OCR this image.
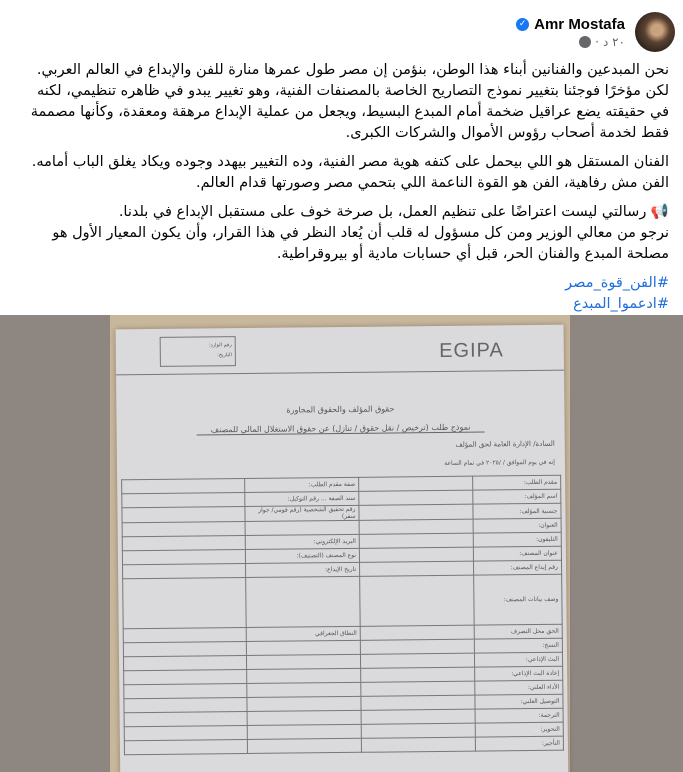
Amr Mostafa
✓
٢٠ د
·

نحن المبدعين والفنانين أبناء هذا الوطن، بنؤمن إن مصر طول عمرها منارة للفن والإبداع في العالم العربي. لكن مؤخرًا فوجئنا بتغيير نموذج التصاريح الخاصة بالمصنفات الفنية، وهو تغيير يبدو في ظاهره تنظيمي، لكنه في حقيقته يضع عراقيل ضخمة أمام المبدع البسيط، ويجعل من عملية الإبداع مرهقة ومعقدة، وكأنها مصممة فقط لخدمة أصحاب رؤوس الأموال والشركات الكبرى.

الفنان المستقل هو اللي بيحمل على كتفه هوية مصر الفنية، وده التغيير بيهدد وجوده ويكاد يغلق الباب أمامه. الفن مش رفاهية، الفن هو القوة الناعمة اللي بتحمي مصر وصورتها قدام العالم.

📢 رسالتي ليست اعتراضًا على تنظيم العمل، بل صرخة خوف على مستقبل الإبداع في بلدنا.

نرجو من معالي الوزير ومن كل مسؤول له قلب أن يُعاد النظر في هذا القرار، وأن يكون المعيار الأول هو مصلحة المبدع والفنان الحر، قبل أي حسابات مادية أو بيروقراطية.

#الفن_قوة_مصر
#ادعموا_المبدع
EGIPA
رقم الوارد:
التاريخ:
حقوق المؤلف والحقوق المجاورة
نموذج طلب (ترخيص / نقل حقوق / تنازل) عن حقوق الاستغلال المالي للمصنف
السادة/ الإدارة العامة لحق المؤلف
إنه في يوم الموافق / /٢٠٢٥ في تمام الساعة
مقدم الطلب:		صفة مقدم الطلب:	
اسم المؤلف:		سند الصفة ... رقم التوكيل:	
جنسية المؤلف:		رقم تحقيق الشخصية (رقم قومي/ جواز سفر)	
العنوان:			
التليفون:		البريد الإلكتروني:	
عنوان المصنف:		نوع المصنف (التصنيف):	
رقم إيداع المصنف:		تاريخ الإيداع:	
وصف بيانات المصنف:			
الحق محل التصرف		النطاق الجغرافي	
النسخ:			
البث الإذاعي:			
إعادة البث الإذاعي:			
الأداء العلني:			
التوصيل العلني:			
الترجمة:			
التحوير:			
التأجير:			
